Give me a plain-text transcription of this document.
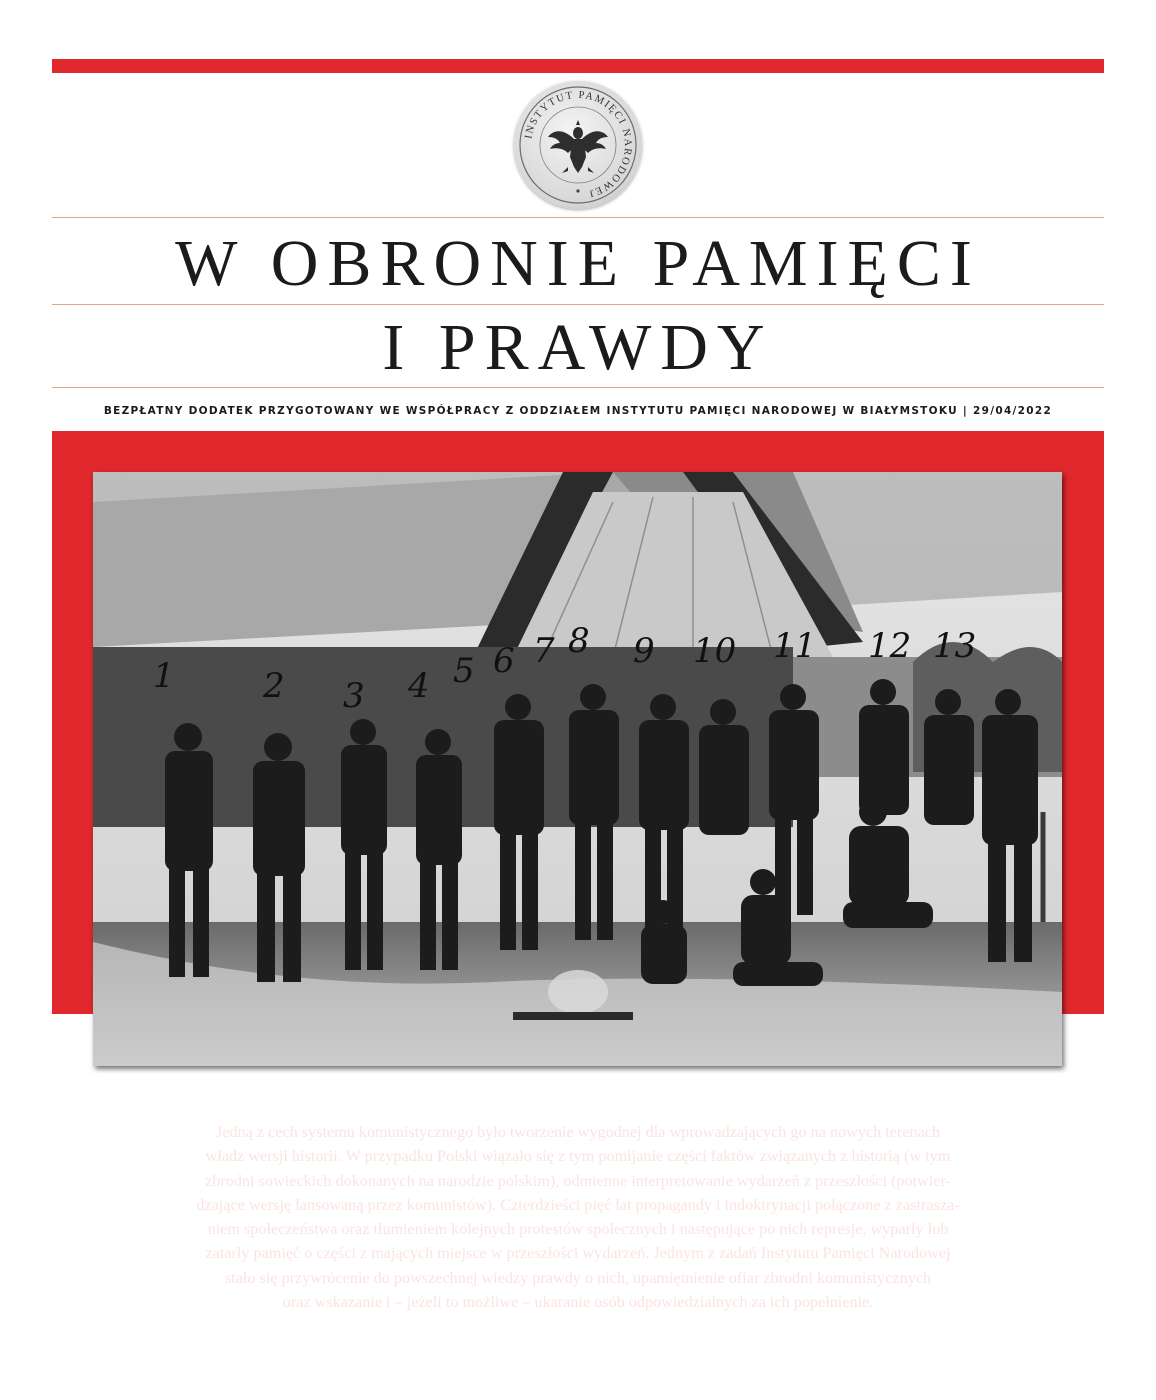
INSTYTUT PAMIĘCI NARODOWEJ
W OBRONIE PAMIĘCI
I PRAWDY
BEZPŁATNY DODATEK PRZYGOTOWANY WE WSPÓŁPRACY Z ODDZIAŁEM INSTYTUTU PAMIĘCI NARODOWEJ W BIAŁYMSTOKU | 29/04/2022
1	2 3 4 5 6 7 8 9 10 11 12 13
Żołnierze 3 drużyny 6 Brygady Wileńskiej, Podlasie, wiosna–lato 1946 r., AIPN Bi, 0062/591
Jedną z cech systemu komunistycznego było tworzenie wygodnej dla wprowadzających go na nowych terenach
władz wersji historii. W przypadku Polski wiązało się z tym pomijanie części faktów związanych z historią (w tym
zbrodni sowieckich dokonanych na narodzie polskim), odmienne interpretowanie wydarzeń z przeszłości (potwier-
dzające wersję lansowaną przez komunistów). Czterdzieści pięć lat propagandy i indoktrynacji połączone z zastrasza-
niem społeczeństwa oraz tłumieniem kolejnych protestów społecznych i następujące po nich represje, wyparły lub
zatarły pamięć o części z mających miejsce w przeszłości wydarzeń. Jednym z zadań Instytutu Pamięci Narodowej
stało się przywrócenie do powszechnej wiedzy prawdy o nich, upamiętnienie ofiar zbrodni komunistycznych
oraz wskazanie i – jeżeli to możliwe – ukaranie osób odpowiedzialnych za ich popełnienie.
